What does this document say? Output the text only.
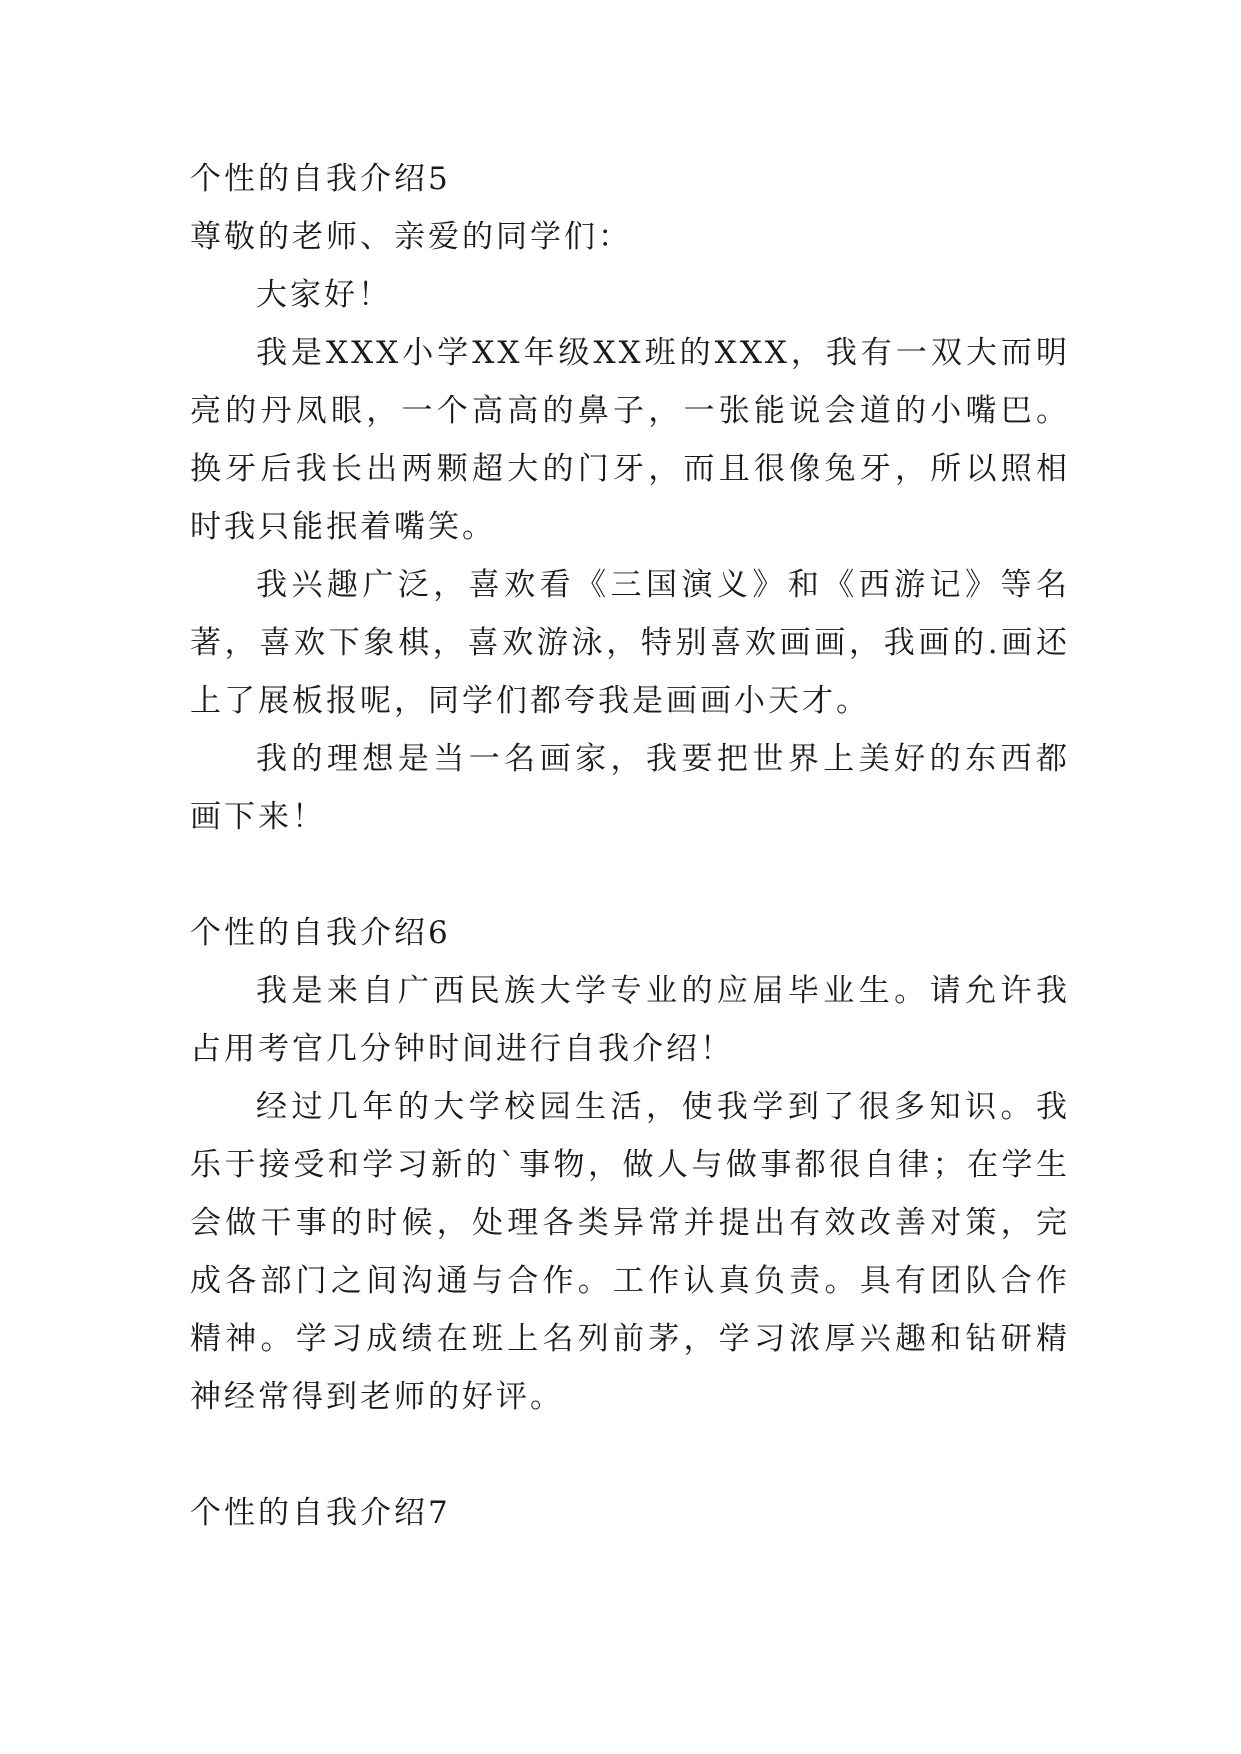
个性的自我介绍5

尊敬的老师、亲爱的同学们：

大家好！

我是XXX小学XX年级XX班的XXX，我有一双大而明亮的丹凤眼，一个高高的鼻子，一张能说会道的小嘴巴。换牙后我长出两颗超大的门牙，而且很像兔牙，所以照相时我只能抿着嘴笑。

我兴趣广泛，喜欢看《三国演义》和《西游记》等名著，喜欢下象棋，喜欢游泳，特别喜欢画画，我画的.画还上了展板报呢，同学们都夸我是画画小天才。

我的理想是当一名画家，我要把世界上美好的东西都画下来！

个性的自我介绍6

我是来自广西民族大学专业的应届毕业生。请允许我占用考官几分钟时间进行自我介绍！

经过几年的大学校园生活，使我学到了很多知识。我乐于接受和学习新的`事物，做人与做事都很自律；在学生会做干事的时候，处理各类异常并提出有效改善对策，完成各部门之间沟通与合作。工作认真负责。具有团队合作精神。学习成绩在班上名列前茅，学习浓厚兴趣和钻研精神经常得到老师的好评。

个性的自我介绍7
